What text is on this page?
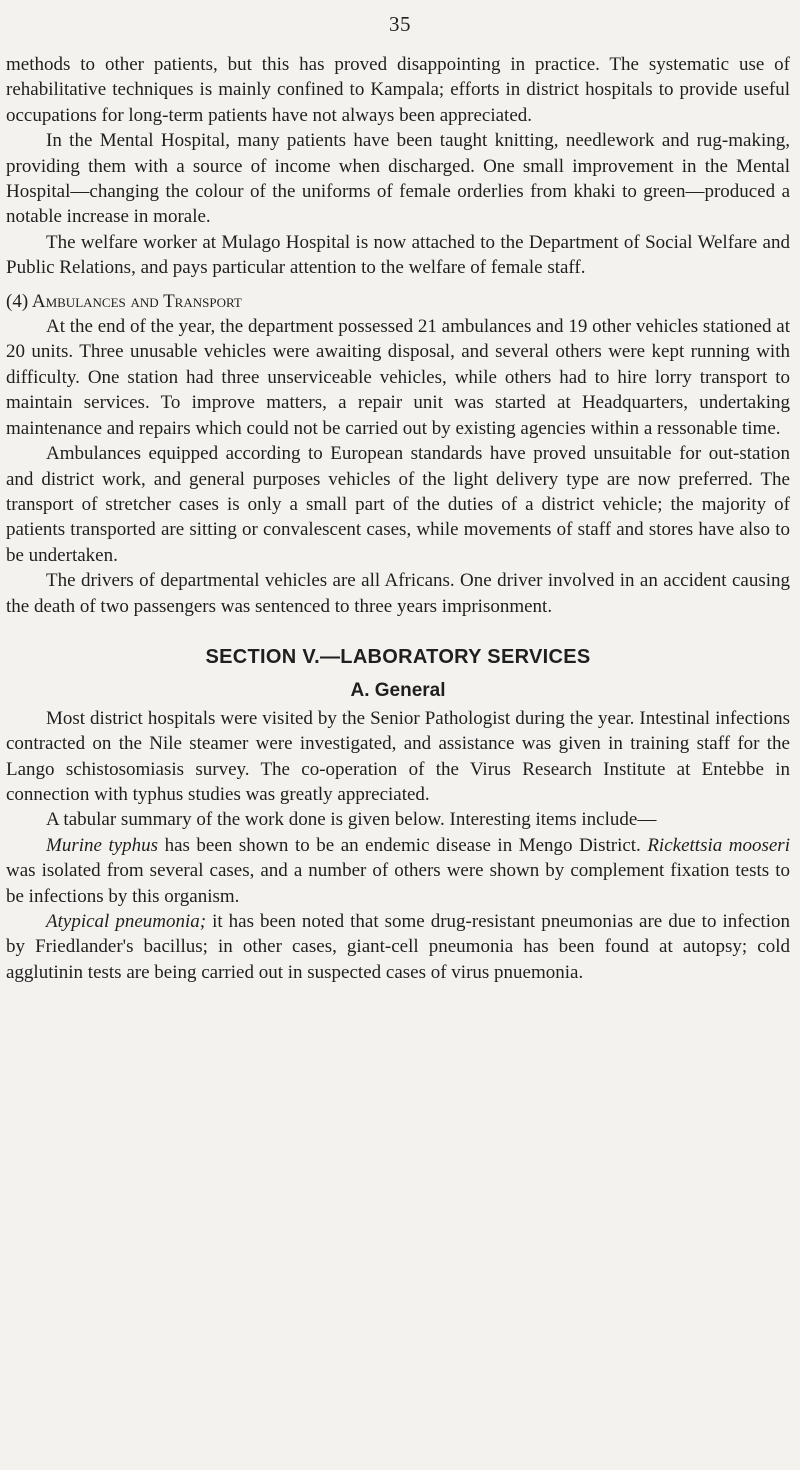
35

methods to other patients, but this has proved disappointing in practice. The systematic use of rehabilitative techniques is mainly confined to Kampala; efforts in district hospitals to provide useful occupations for long-term patients have not always been appreciated.

In the Mental Hospital, many patients have been taught knitting, needlework and rug-making, providing them with a source of income when discharged. One small improvement in the Mental Hospital—changing the colour of the uniforms of female orderlies from khaki to green—produced a notable increase in morale.

The welfare worker at Mulago Hospital is now attached to the Department of Social Welfare and Public Relations, and pays particular attention to the welfare of female staff.

(4) Ambulances and Transport

At the end of the year, the department possessed 21 ambulances and 19 other vehicles stationed at 20 units. Three unusable vehicles were awaiting disposal, and several others were kept running with difficulty. One station had three unserviceable vehicles, while others had to hire lorry transport to maintain services. To improve matters, a repair unit was started at Headquarters, undertaking maintenance and repairs which could not be carried out by existing agencies within a ressonable time.

Ambulances equipped according to European standards have proved unsuitable for out-station and district work, and general purposes vehicles of the light delivery type are now preferred. The transport of stretcher cases is only a small part of the duties of a district vehicle; the majority of patients transported are sitting or convalescent cases, while movements of staff and stores have also to be undertaken.

The drivers of departmental vehicles are all Africans. One driver involved in an accident causing the death of two passengers was sentenced to three years imprisonment.

SECTION V.—LABORATORY SERVICES

A. General

Most district hospitals were visited by the Senior Pathologist during the year. Intestinal infections contracted on the Nile steamer were investigated, and assistance was given in training staff for the Lango schistosomiasis survey. The co-operation of the Virus Research Institute at Entebbe in connection with typhus studies was greatly appreciated.

A tabular summary of the work done is given below. Interesting items include—

Murine typhus has been shown to be an endemic disease in Mengo District. Rickettsia mooseri was isolated from several cases, and a number of others were shown by complement fixation tests to be infections by this organism.

Atypical pneumonia; it has been noted that some drug-resistant pneumonias are due to infection by Friedlander's bacillus; in other cases, giant-cell pneumonia has been found at autopsy; cold agglutinin tests are being carried out in suspected cases of virus pnuemonia.
